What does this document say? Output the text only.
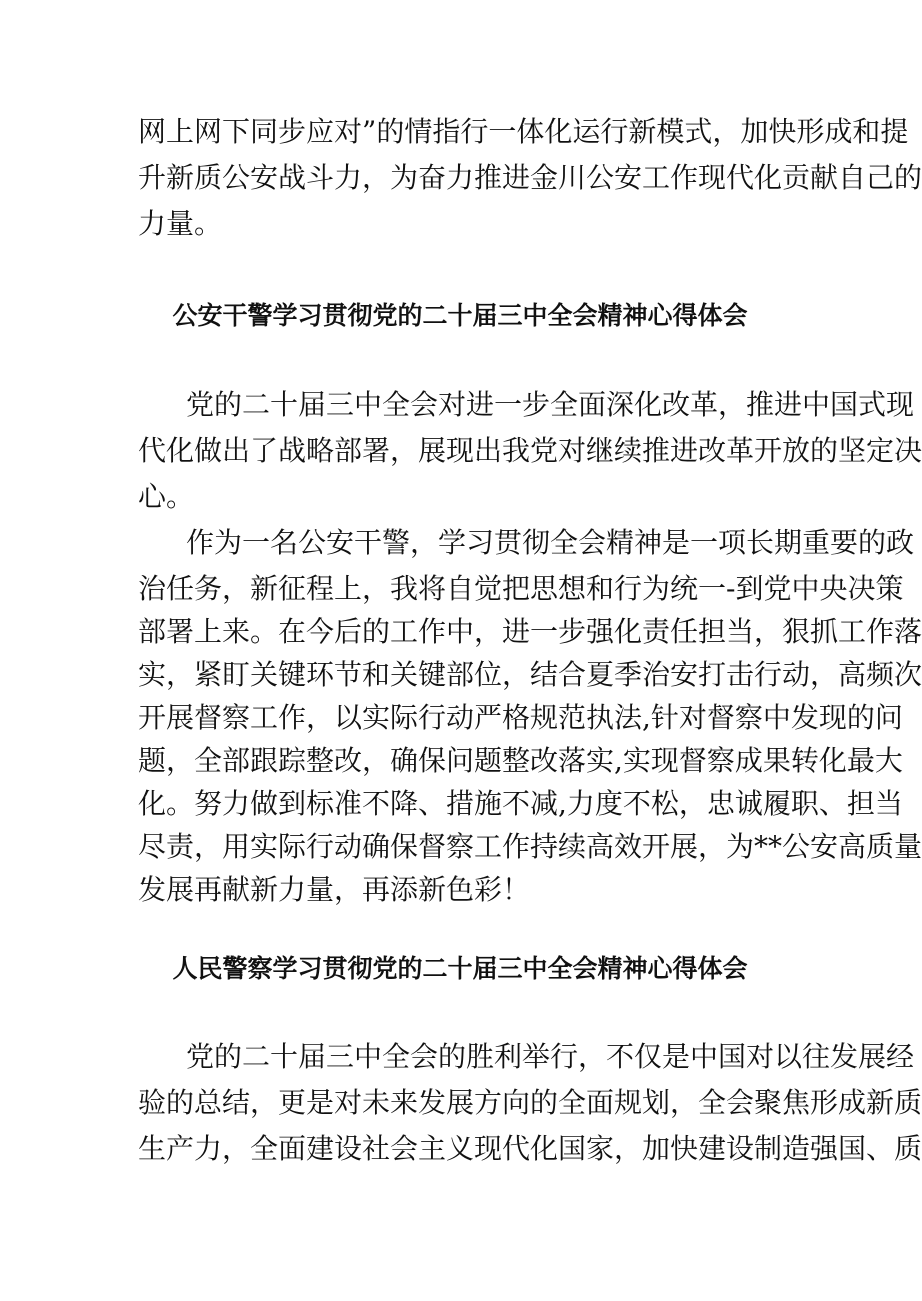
网上网下同步应对”的情指行一体化运行新模式，加快形成和提
升新质公安战斗力，为奋力推进金川公安工作现代化贡献自己的
力量。
公安干警学习贯彻党的二十届三中全会精神心得体会
党的二十届三中全会对进一步全面深化改革，推进中国式现
代化做出了战略部署，展现出我党对继续推进改革开放的坚定决
心。
作为一名公安干警，学习贯彻全会精神是一项长期重要的政
治任务，新征程上，我将自觉把思想和行为统一-到党中央决策
部署上来。在今后的工作中，进一步强化责任担当，狠抓工作落
实，紧盯关键环节和关键部位，结合夏季治安打击行动，高频次
开展督察工作，以实际行动严格规范执法,针对督察中发现的问
题，全部跟踪整改，确保问题整改落实,实现督察成果转化最大
化。努力做到标准不降、措施不减,力度不松，忠诚履职、担当
尽责，用实际行动确保督察工作持续高效开展，为**公安高质量
发展再献新力量，再添新色彩！
人民警察学习贯彻党的二十届三中全会精神心得体会
党的二十届三中全会的胜利举行，不仅是中国对以往发展经
验的总结，更是对未来发展方向的全面规划，全会聚焦形成新质
生产力，全面建设社会主义现代化国家，加快建设制造强国、质
